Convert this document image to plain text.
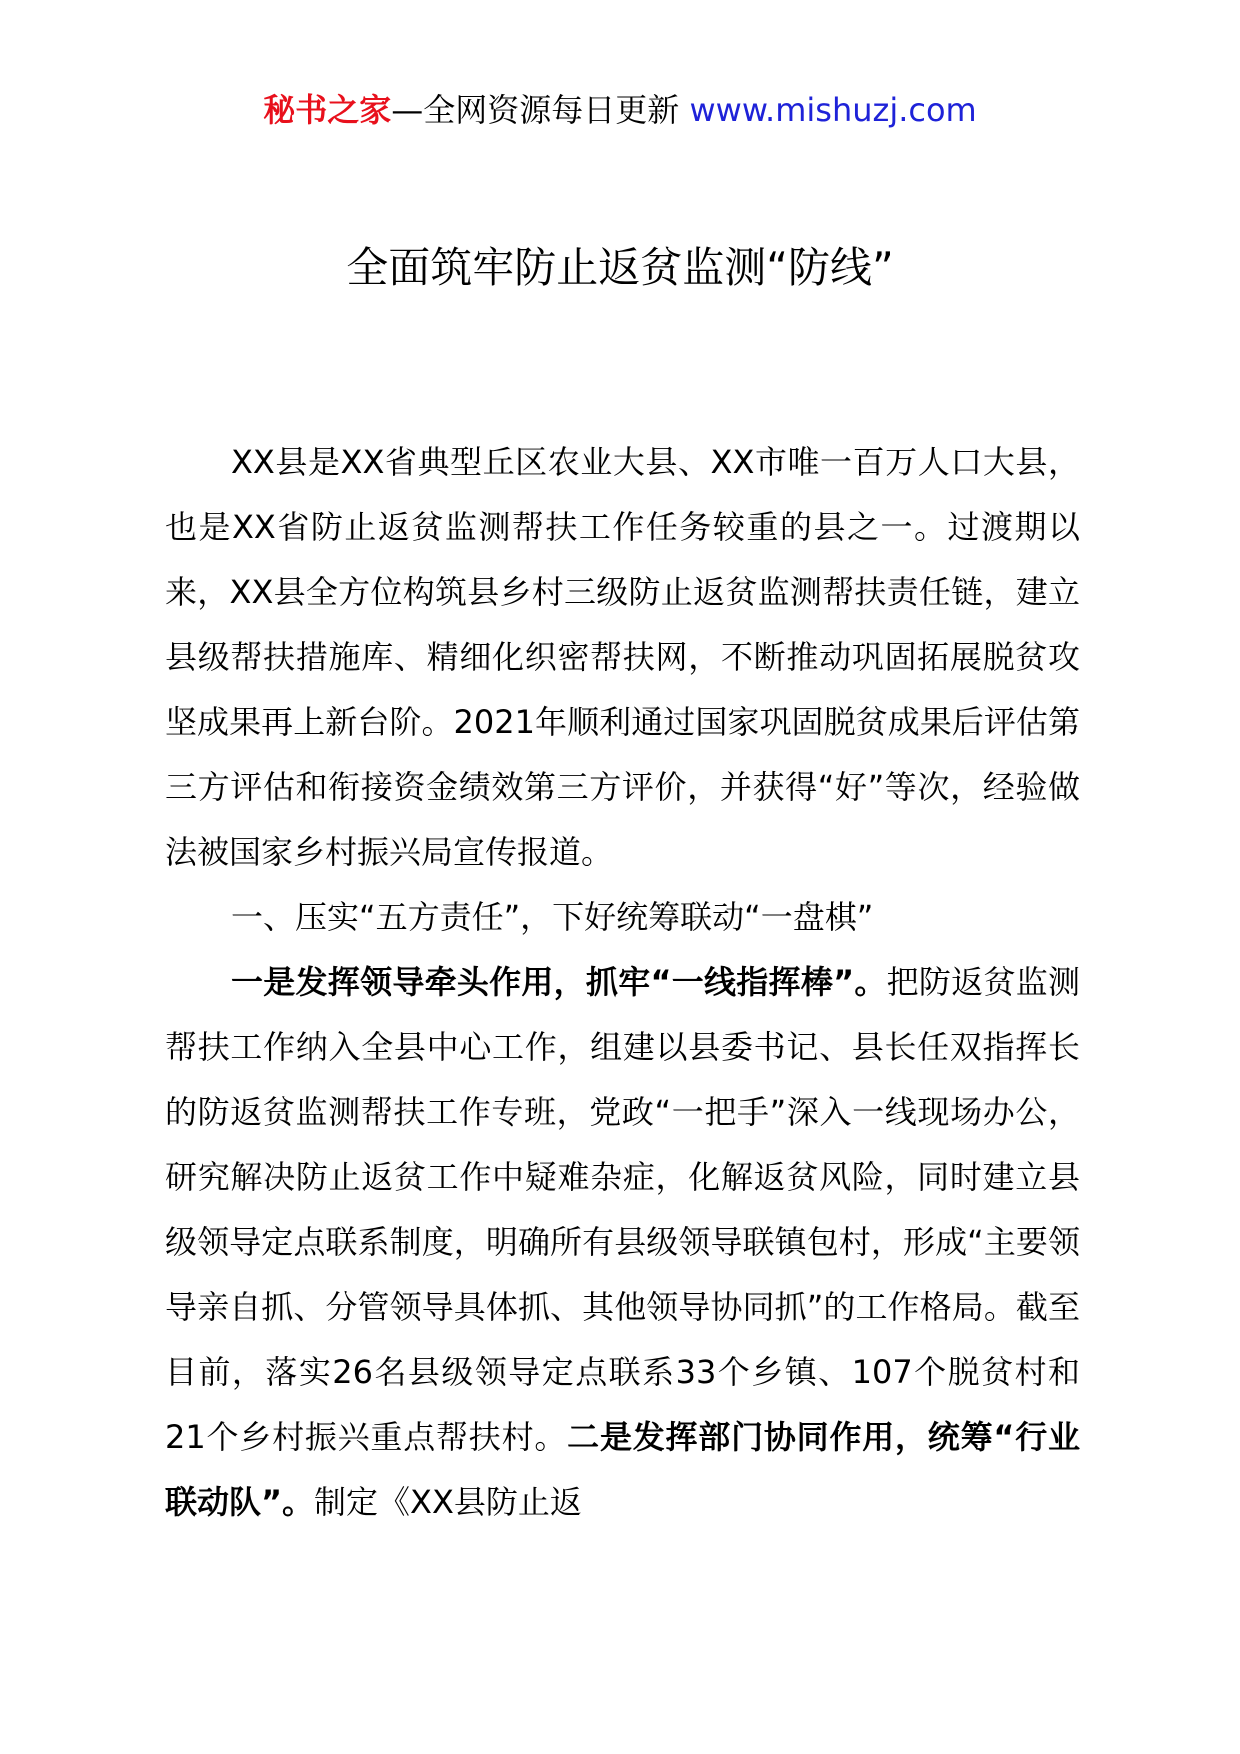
秘书之家—全网资源每日更新 www.mishuzj.com
全面筑牢防止返贫监测“防线”

XX县是XX省典型丘区农业大县、XX市唯一百万人口大县，也是XX省防止返贫监测帮扶工作任务较重的县之一。过渡期以来，XX县全方位构筑县乡村三级防止返贫监测帮扶责任链，建立县级帮扶措施库、精细化织密帮扶网，不断推动巩固拓展脱贫攻坚成果再上新台阶。2021年顺利通过国家巩固脱贫成果后评估第三方评估和衔接资金绩效第三方评价，并获得“好”等次，经验做法被国家乡村振兴局宣传报道。

一、压实“五方责任”，下好统筹联动“一盘棋”

一是发挥领导牵头作用，抓牢“一线指挥棒”。把防返贫监测帮扶工作纳入全县中心工作，组建以县委书记、县长任双指挥长的防返贫监测帮扶工作专班，党政“一把手”深入一线现场办公，研究解决防止返贫工作中疑难杂症，化解返贫风险，同时建立县级领导定点联系制度，明确所有县级领导联镇包村，形成“主要领导亲自抓、分管领导具体抓、其他领导协同抓”的工作格局。截至目前，落实26名县级领导定点联系33个乡镇、107个脱贫村和21个乡村振兴重点帮扶村。二是发挥部门协同作用，统筹“行业联动队”。制定《XX县防止返
